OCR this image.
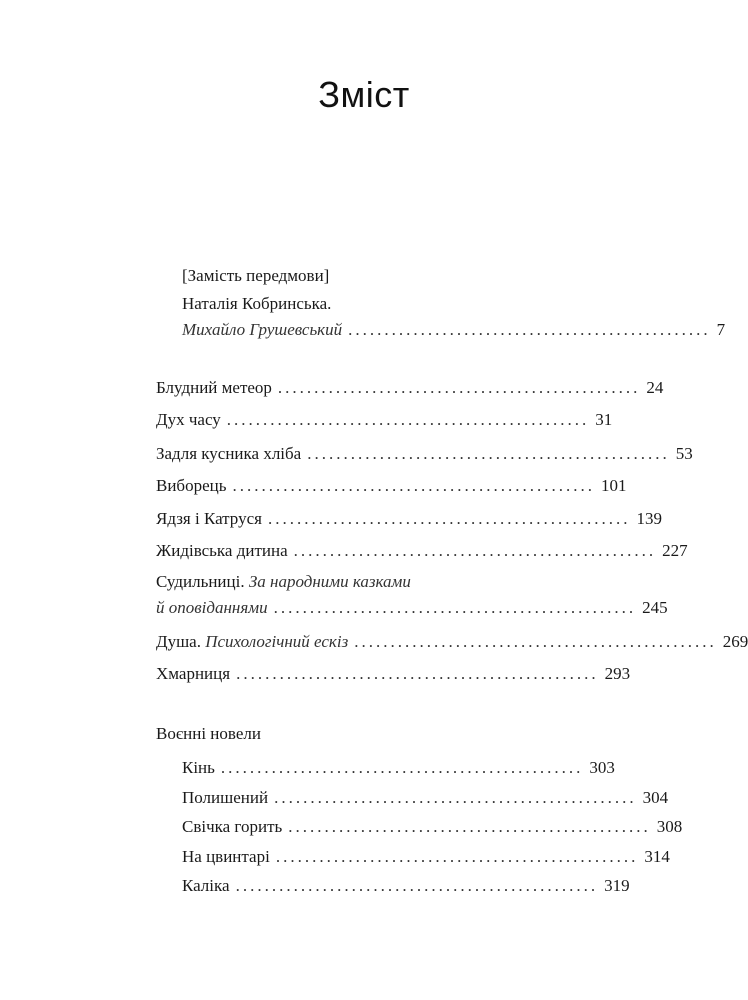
Зміст
[Замість передмови]
Наталія Кобринська.
Михайло Грушевський .................................................. 7
Блудний метеор .................................................. 24
Дух часу .................................................. 31
Задля кусника хліба .................................................. 53
Виборець .................................................. 101
Ядзя і Катруся .................................................. 139
Жидівська дитина .................................................. 227
Судильниці. За народними казками
й оповіданнями .................................................. 245
Душа. Психологічний ескіз .................................................. 269
Хмарниця .................................................. 293
Воєнні новели
Кінь .................................................. 303
Полишений .................................................. 304
Свічка горить .................................................. 308
На цвинтарі .................................................. 314
Каліка .................................................. 319
